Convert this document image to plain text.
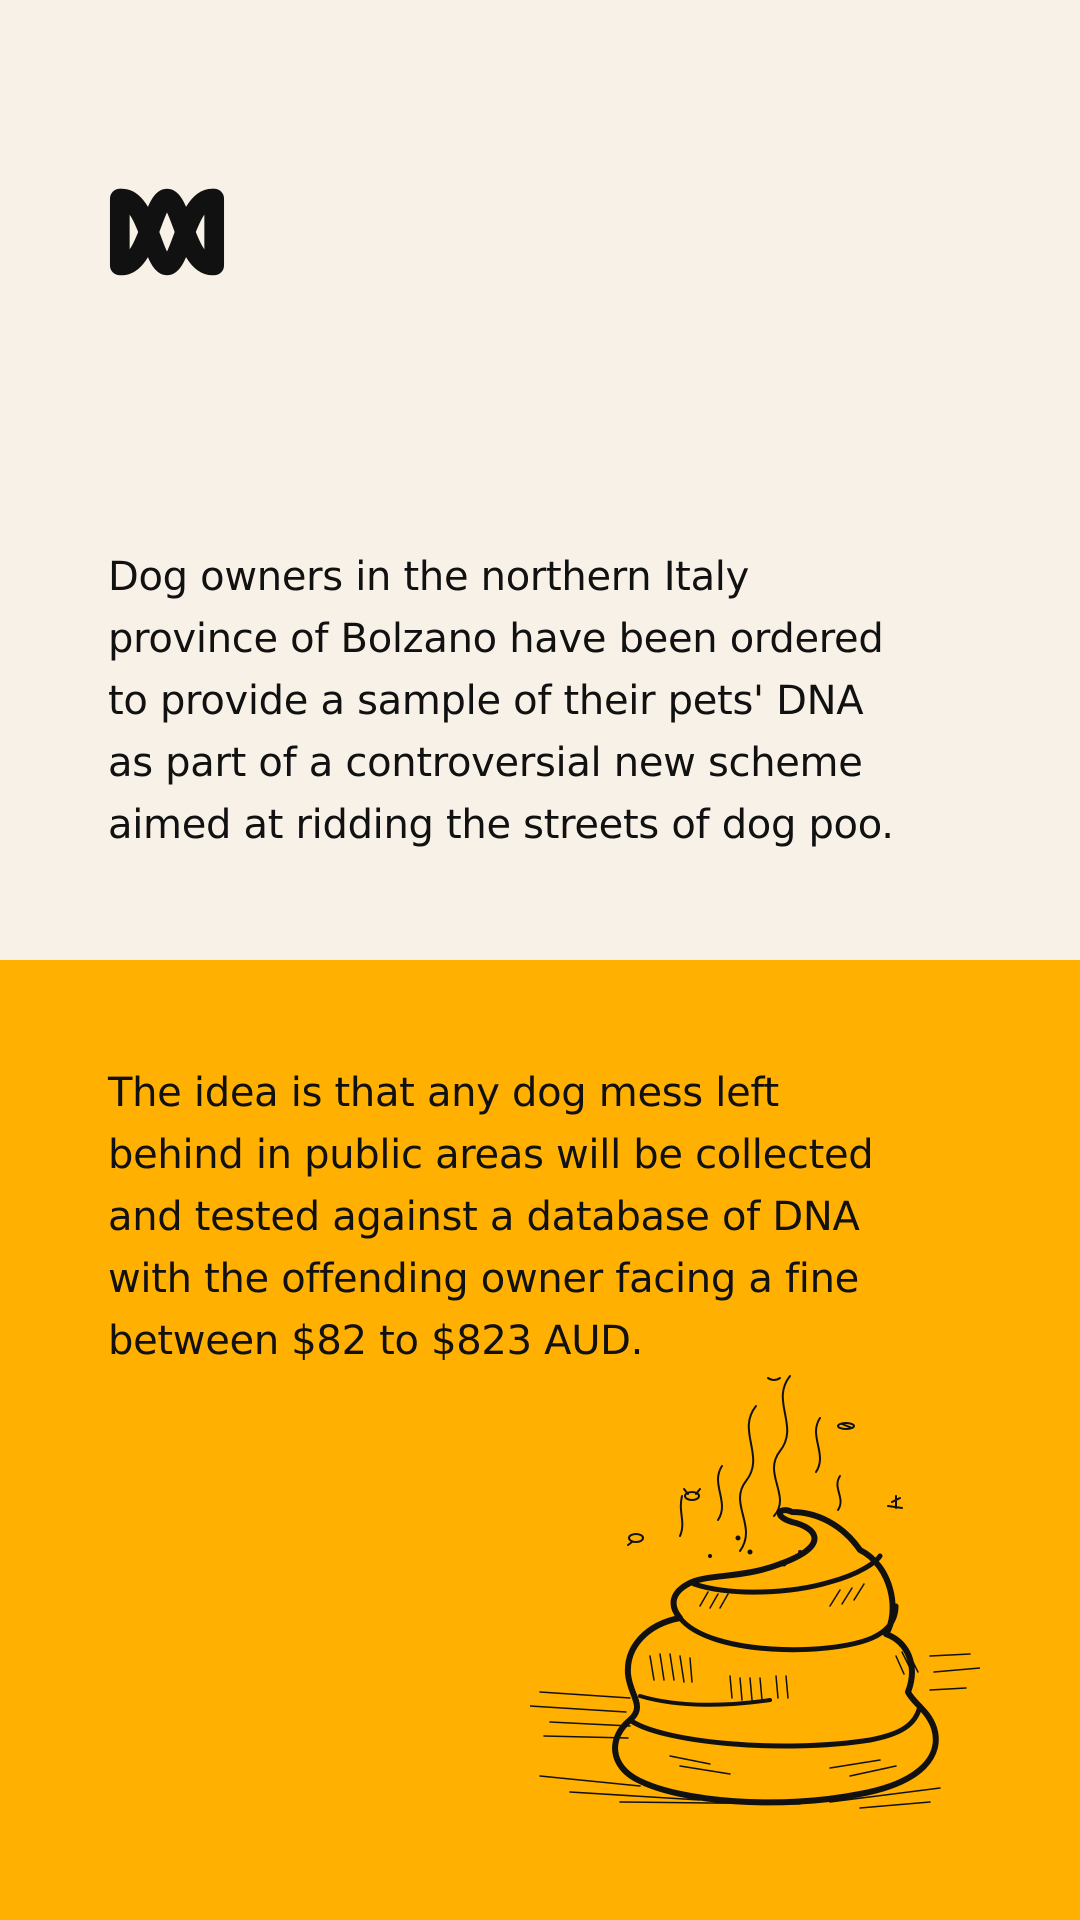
Dog owners in the northern Italy
province of Bolzano have been ordered
to provide a sample of their pets' DNA
as part of a controversial new scheme
aimed at ridding the streets of dog poo.

The idea is that any dog mess left
behind in public areas will be collected
and tested against a database of DNA
with the offending owner facing a fine
between $82 to $823 AUD.
